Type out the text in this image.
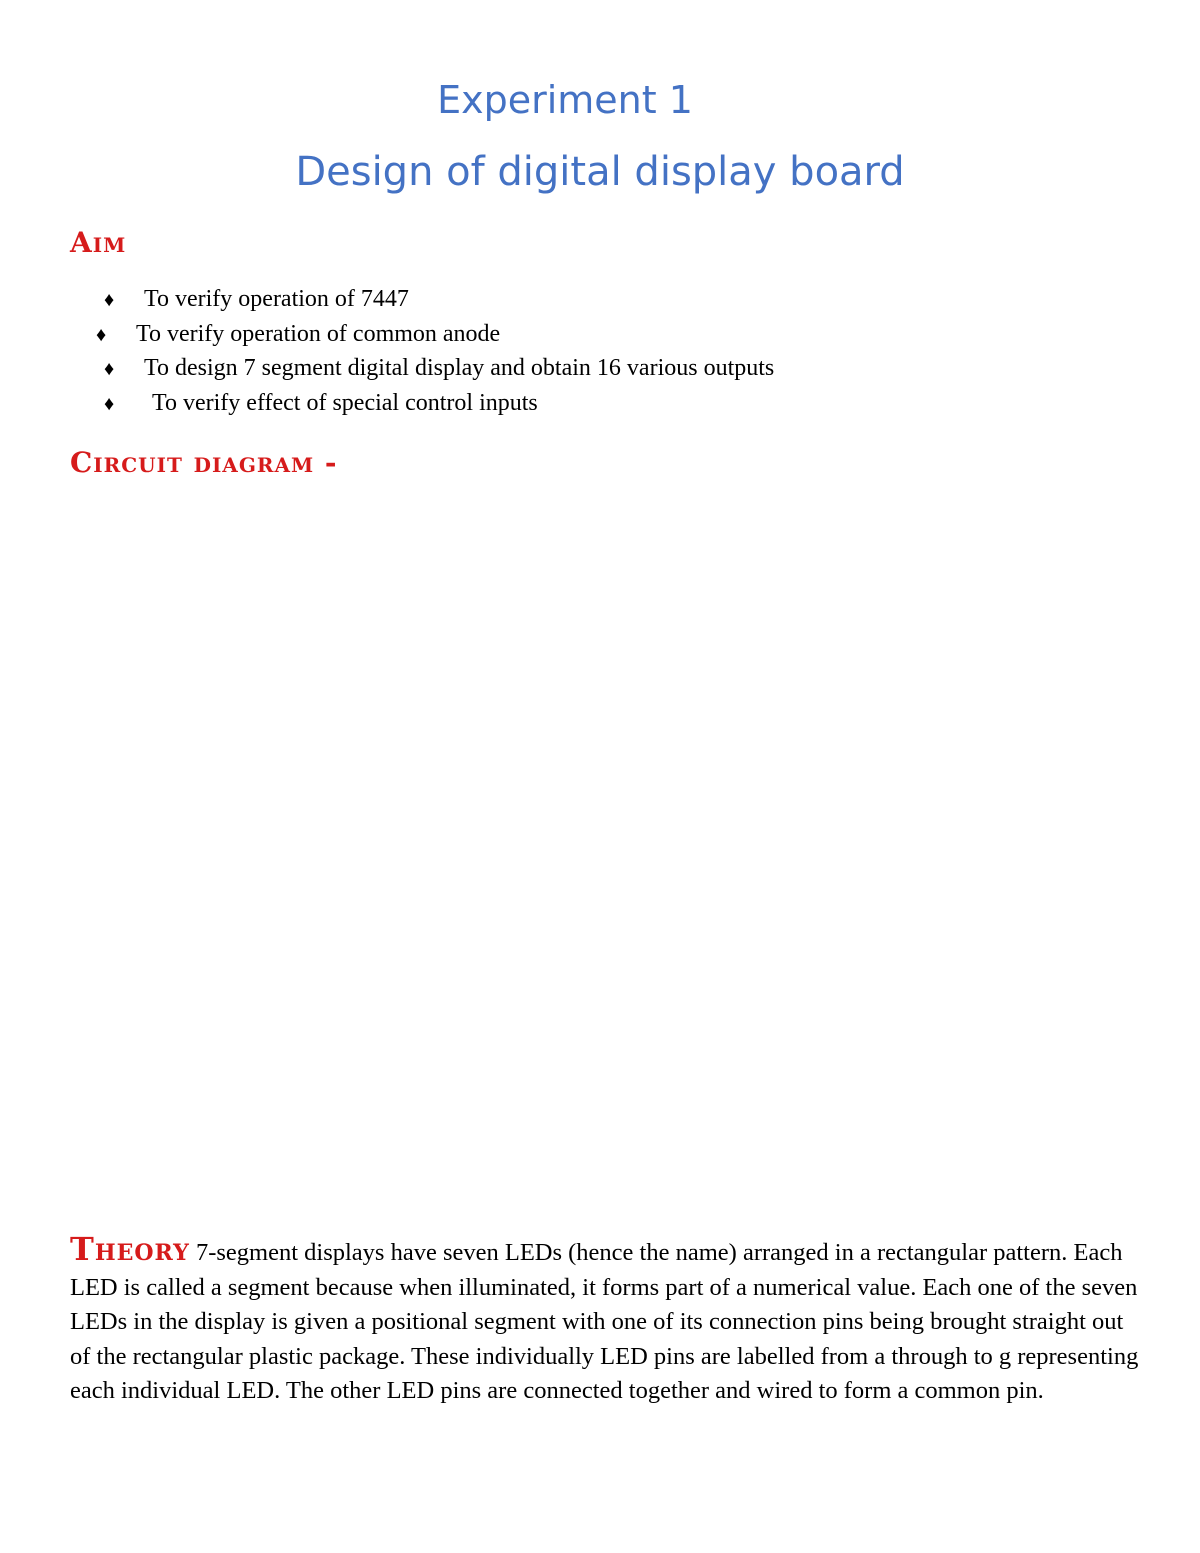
Experiment 1
Design of digital display board
Aim
♦ To verify operation of 7447
♦ To verify operation of common anode
♦ To design 7 segment digital display and obtain 16 various outputs
♦ To verify effect of special control inputs
Circuit diagram -
Theory 7-segment displays have seven LEDs (hence the name) arranged in a rectangular pattern. Each LED is called a segment because when illuminated, it forms part of a numerical value. Each one of the seven LEDs in the display is given a positional segment with one of its connection pins being brought straight out of the rectangular plastic package. These individually LED pins are labelled from a through to g representing each individual LED. The other LED pins are connected together and wired to form a common pin.
